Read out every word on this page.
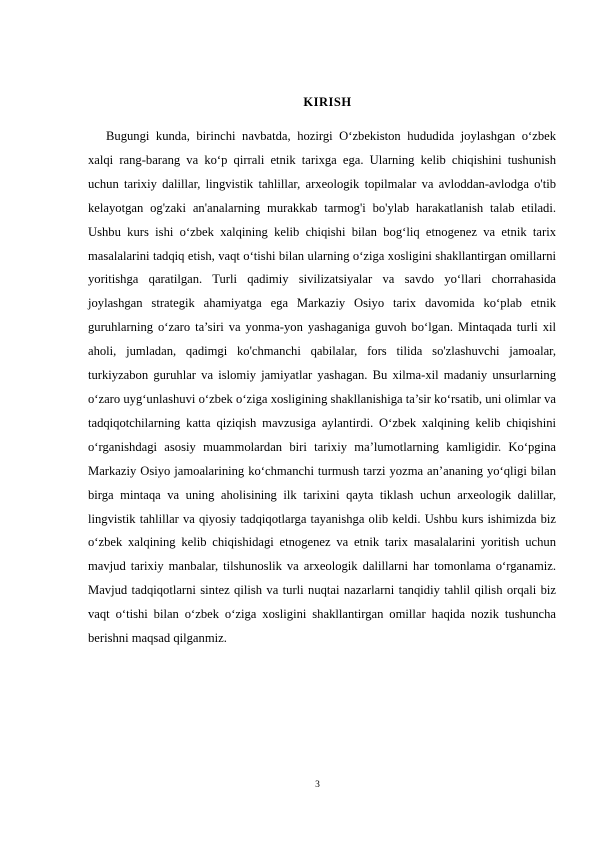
KIRISH

Bugungi kunda, birinchi navbatda, hozirgi O‘zbekiston hududida joylashgan o‘zbek xalqi rang-barang va ko‘p qirrali etnik tarixga ega. Ularning kelib chiqishini tushunish uchun tarixiy dalillar, lingvistik tahlillar, arxeologik topilmalar va avloddan-avlodga o'tib kelayotgan og'zaki an'analarning murakkab tarmog'i bo'ylab harakatlanish talab etiladi. Ushbu kurs ishi o‘zbek xalqining kelib chiqishi bilan bog‘liq etnogenez va etnik tarix masalalarini tadqiq etish, vaqt o‘tishi bilan ularning o‘ziga xosligini shakllantirgan omillarni yoritishga qaratilgan. Turli qadimiy sivilizatsiyalar va savdo yo‘llari chorrahasida joylashgan strategik ahamiyatga ega Markaziy Osiyo tarix davomida ko‘plab etnik guruhlarning o‘zaro ta’siri va yonma-yon yashaganiga guvoh bo‘lgan. Mintaqada turli xil aholi, jumladan, qadimgi ko'chmanchi qabilalar, fors tilida so'zlashuvchi jamoalar, turkiyzabon guruhlar va islomiy jamiyatlar yashagan. Bu xilma-xil madaniy unsurlarning o‘zaro uyg‘unlashuvi o‘zbek o‘ziga xosligining shakllanishiga ta’sir ko‘rsatib, uni olimlar va tadqiqotchilarning katta qiziqish mavzusiga aylantirdi. O‘zbek xalqining kelib chiqishini o‘rganishdagi asosiy muammolardan biri tarixiy ma’lumotlarning kamligidir. Ko‘pgina Markaziy Osiyo jamoalarining ko‘chmanchi turmush tarzi yozma an’ananing yo‘qligi bilan birga mintaqa va uning aholisining ilk tarixini qayta tiklash uchun arxeologik dalillar, lingvistik tahlillar va qiyosiy tadqiqotlarga tayanishga olib keldi. Ushbu kurs ishimizda biz o‘zbek xalqining kelib chiqishidagi etnogenez va etnik tarix masalalarini yoritish uchun mavjud tarixiy manbalar, tilshunoslik va arxeologik dalillarni har tomonlama o‘rganamiz. Mavjud tadqiqotlarni sintez qilish va turli nuqtai nazarlarni tanqidiy tahlil qilish orqali biz vaqt o‘tishi bilan o‘zbek o‘ziga xosligini shakllantirgan omillar haqida nozik tushuncha berishni maqsad qilganmiz.

3
